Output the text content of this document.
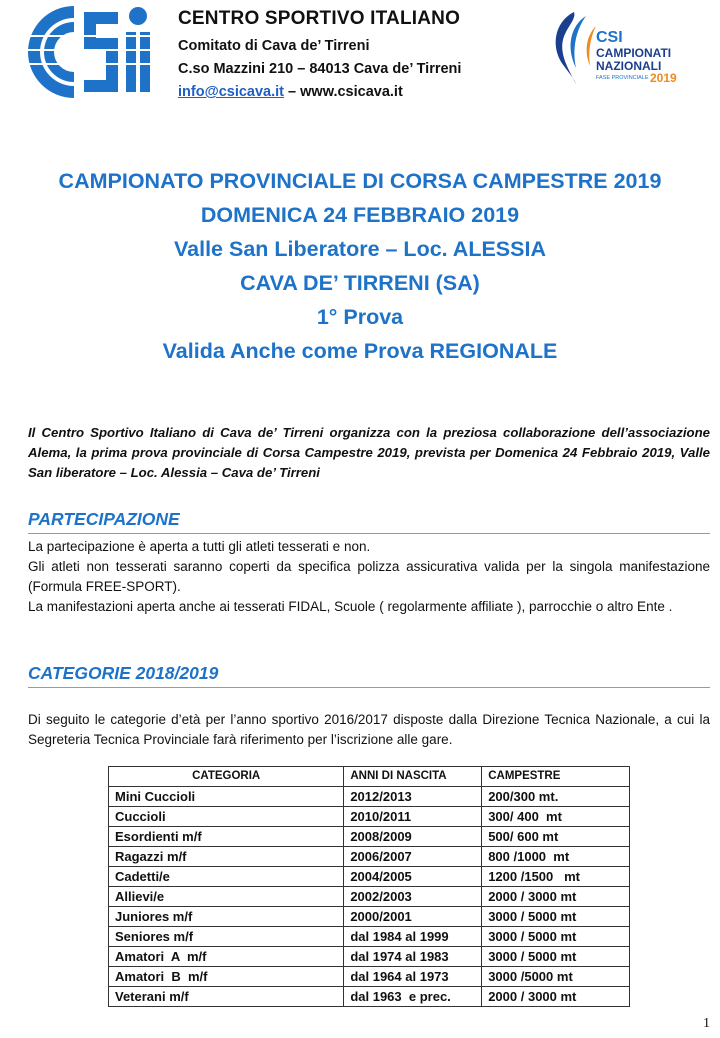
CENTRO SPORTIVO ITALIANO
Comitato di Cava de’ Tirreni
C.so Mazzini 210 – 84013 Cava de’ Tirreni
info@csicava.it – www.csicava.it
CSI
CAMPIONATI
NAZIONALI
FASE PROVINCIALE 2019
CAMPIONATO PROVINCIALE DI CORSA CAMPESTRE 2019
DOMENICA 24 FEBBRAIO 2019
Valle San Liberatore – Loc. ALESSIA
CAVA DE’ TIRRENI (SA)
1° Prova
Valida Anche come Prova REGIONALE
Il Centro Sportivo Italiano di Cava de’ Tirreni organizza con la preziosa collaborazione dell’associazione Alema, la prima prova provinciale di Corsa Campestre 2019, prevista per Domenica 24 Febbraio 2019, Valle San liberatore – Loc. Alessia – Cava de’ Tirreni
PARTECIPAZIONE
La partecipazione è aperta a tutti gli atleti tesserati e non.
Gli atleti non tesserati saranno coperti da specifica polizza assicurativa valida per la singola manifestazione (Formula FREE-SPORT).
La manifestazioni aperta anche ai tesserati FIDAL, Scuole ( regolarmente affiliate ), parrocchie o altro Ente .
CATEGORIE 2018/2019
Di seguito le categorie d’età per l’anno sportivo 2016/2017 disposte dalla Direzione Tecnica Nazionale, a cui la Segreteria Tecnica Provinciale farà riferimento per l’iscrizione alle gare.
CATEGORIA	ANNI DI NASCITA	CAMPESTRE
Mini Cuccioli	2012/2013	200/300 mt.
Cuccioli	2010/2011	300/ 400  mt
Esordienti m/f	2008/2009	500/ 600 mt
Ragazzi m/f	2006/2007	800 /1000  mt
Cadetti/e	2004/2005	1200 /1500   mt
Allievi/e	2002/2003	2000 / 3000 mt
Juniores m/f	2000/2001	3000 / 5000 mt
Seniores m/f	dal 1984 al 1999	3000 / 5000 mt
Amatori  A  m/f	dal 1974 al 1983	3000 / 5000 mt
Amatori  B  m/f	dal 1964 al 1973	3000 /5000 mt
Veterani m/f	dal 1963  e prec.	2000 / 3000 mt
1
